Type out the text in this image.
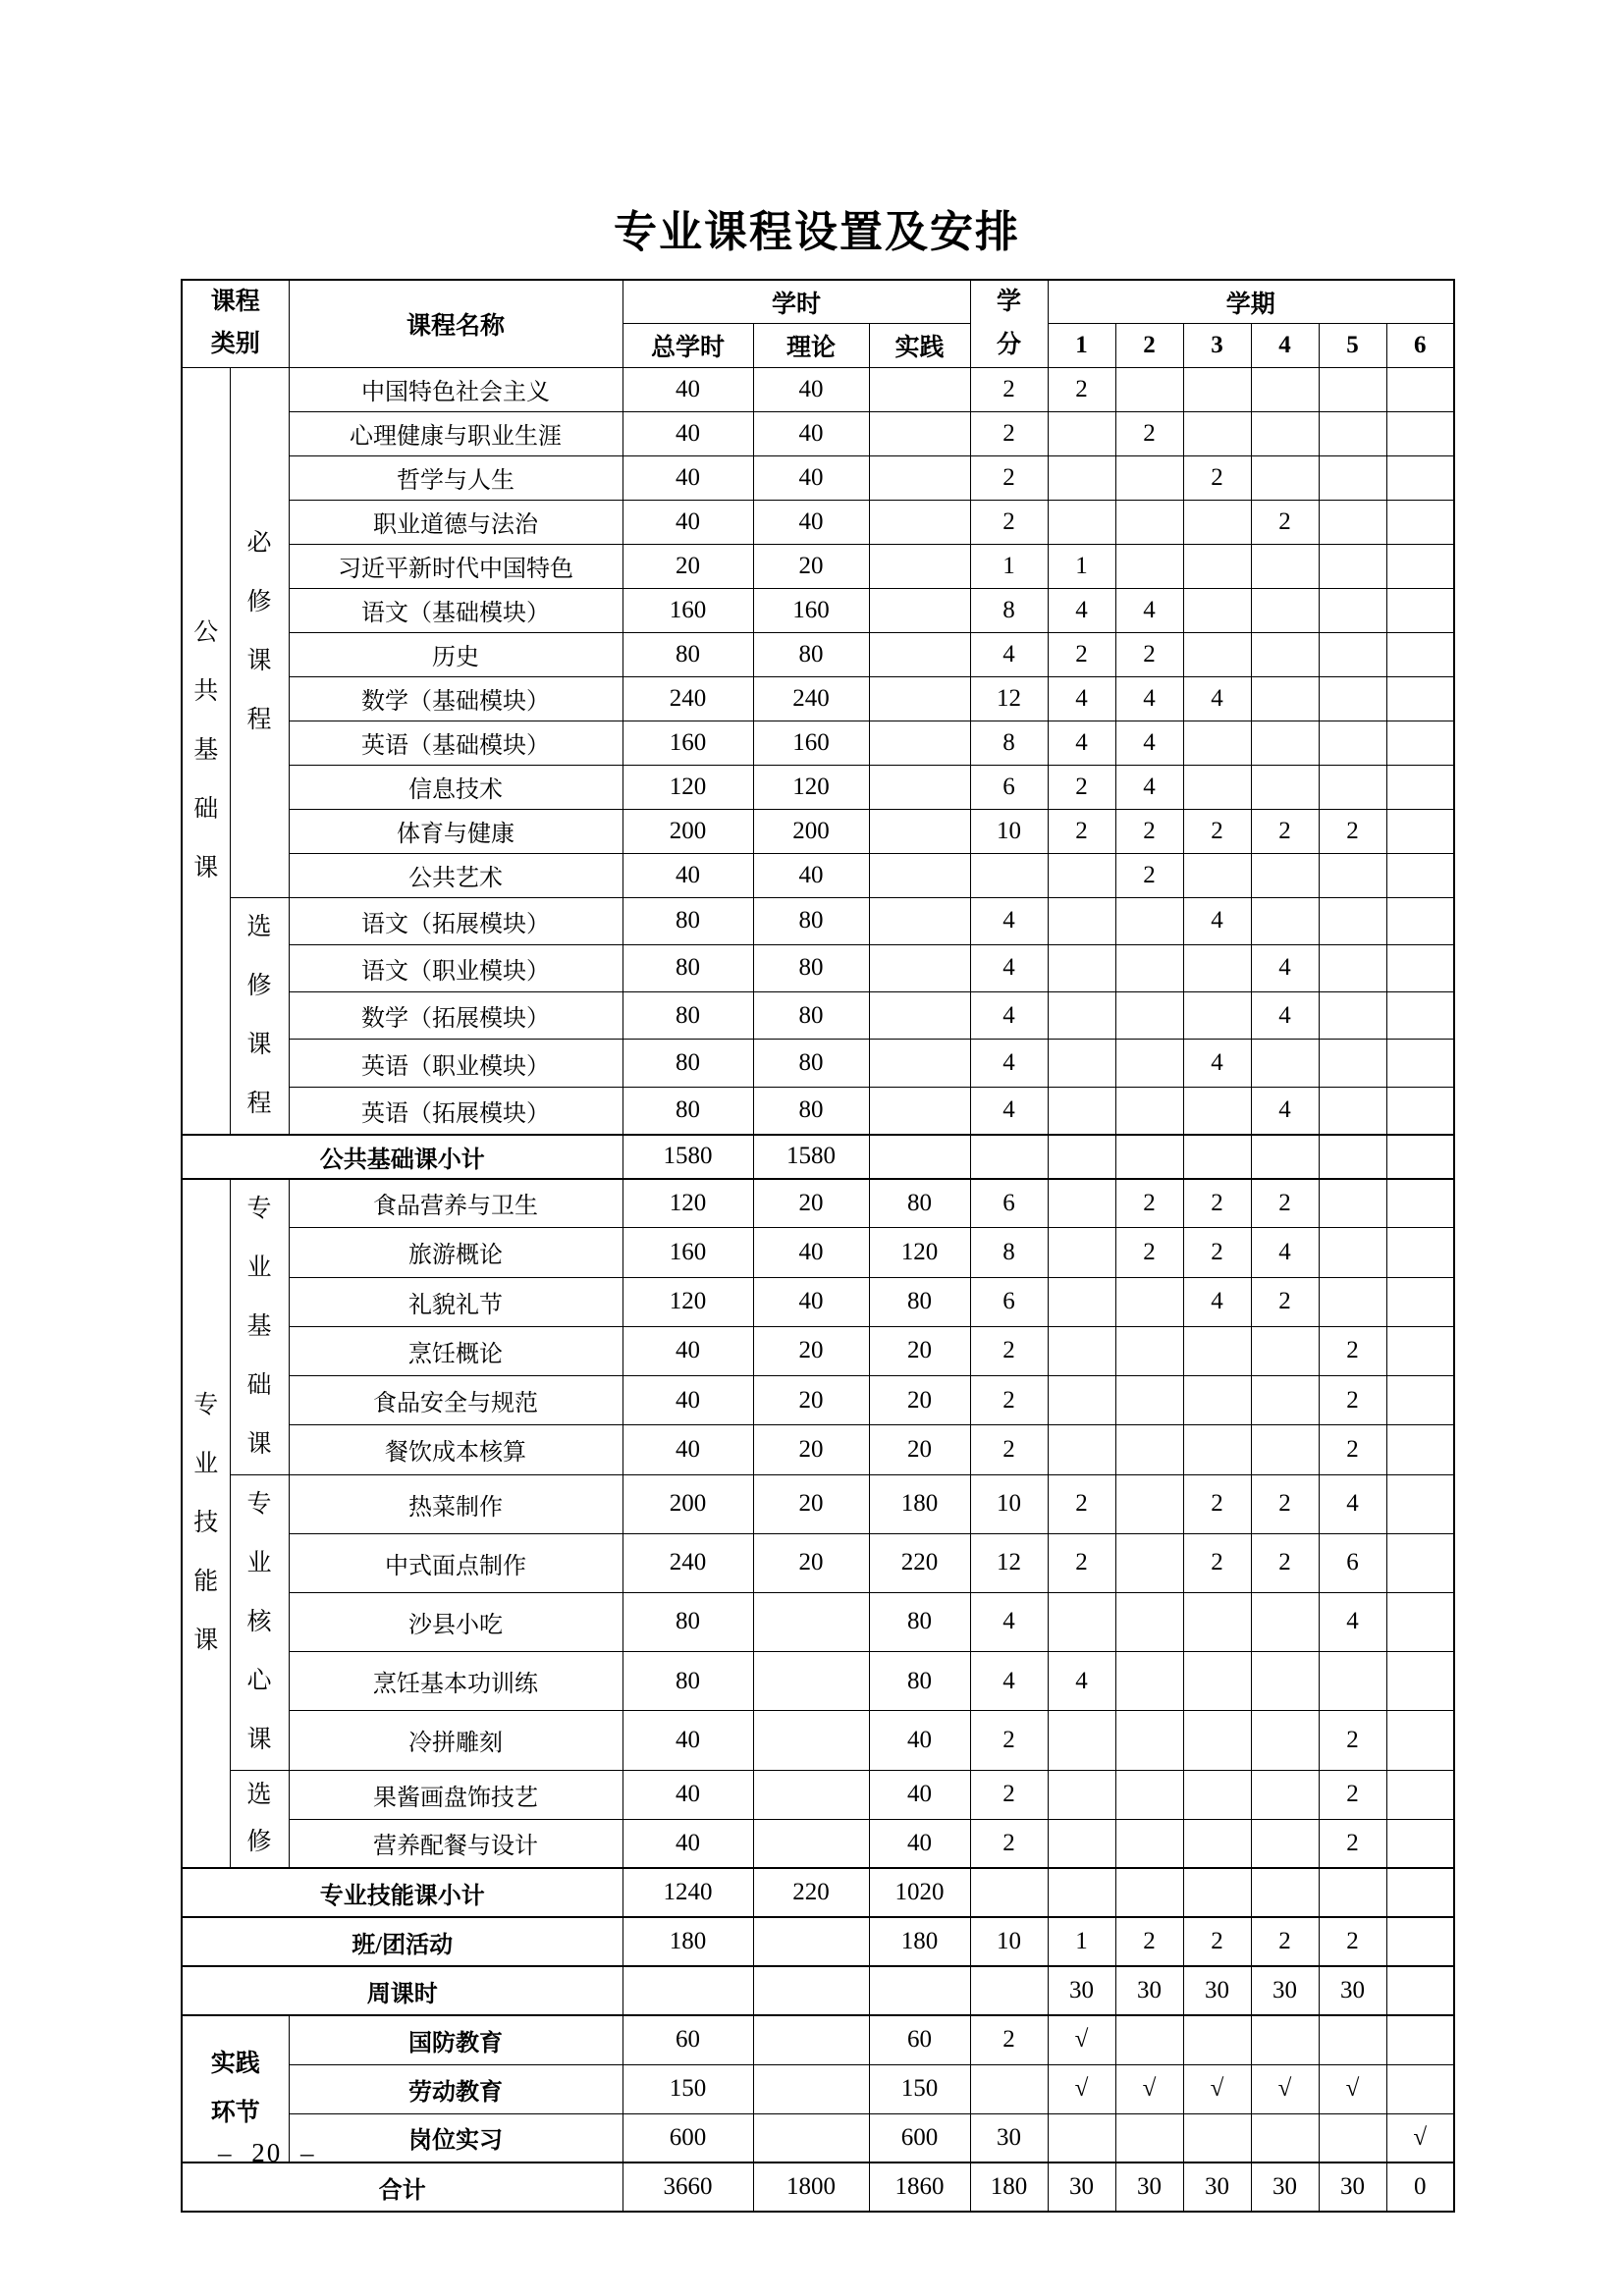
专业课程设置及安排
课程类别		课程名称	学时			学分	学期					
			总学时	理论	实践		1	2	3	4	5	6
公共基础课	必修课程	中国特色社会主义	40	40		2	2					
		心理健康与职业生涯	40	40		2		2				
		哲学与人生	40	40		2			2			
		职业道德与法治	40	40		2				2		
		习近平新时代中国特色	20	20		1	1					
		语文（基础模块）	160	160		8	4	4				
		历史	80	80		4	2	2				
		数学（基础模块）	240	240		12	4	4	4			
		英语（基础模块）	160	160		8	4	4				
		信息技术	120	120		6	2	4				
		体育与健康	200	200		10	2	2	2	2	2	
		公共艺术	40	40				2				
	选修课程	语文（拓展模块）	80	80		4			4			
		语文（职业模块）	80	80		4				4		
		数学（拓展模块）	80	80		4				4		
		英语（职业模块）	80	80		4			4			
		英语（拓展模块）	80	80		4				4		
公共基础课小计			1580	1580								
专业技能课	专业基础课	食品营养与卫生	120	20	80	6		2	2	2		
		旅游概论	160	40	120	8		2	2	4		
		礼貌礼节	120	40	80	6			4	2		
		烹饪概论	40	20	20	2					2	
		食品安全与规范	40	20	20	2					2	
		餐饮成本核算	40	20	20	2					2	
	专业核心课	热菜制作	200	20	180	10	2		2	2	4	
		中式面点制作	240	20	220	12	2		2	2	6	
		沙县小吃	80		80	4					4	
		烹饪基本功训练	80		80	4	4					
		冷拼雕刻	40		40	2					2	
	选修	果酱画盘饰技艺	40		40	2					2	
		营养配餐与设计	40		40	2					2	
专业技能课小计			1240	220	1020							
班/团活动			180		180	10	1	2	2	2	2	
周课时							30	30	30	30	30	
实践环节		国防教育	60		60	2	√					
		劳动教育	150		150		√	√	√	√	√	
		岗位实习	600		600	30						√
合计			3660	1800	1860	180	30	30	30	30	30	0
– 20 –
